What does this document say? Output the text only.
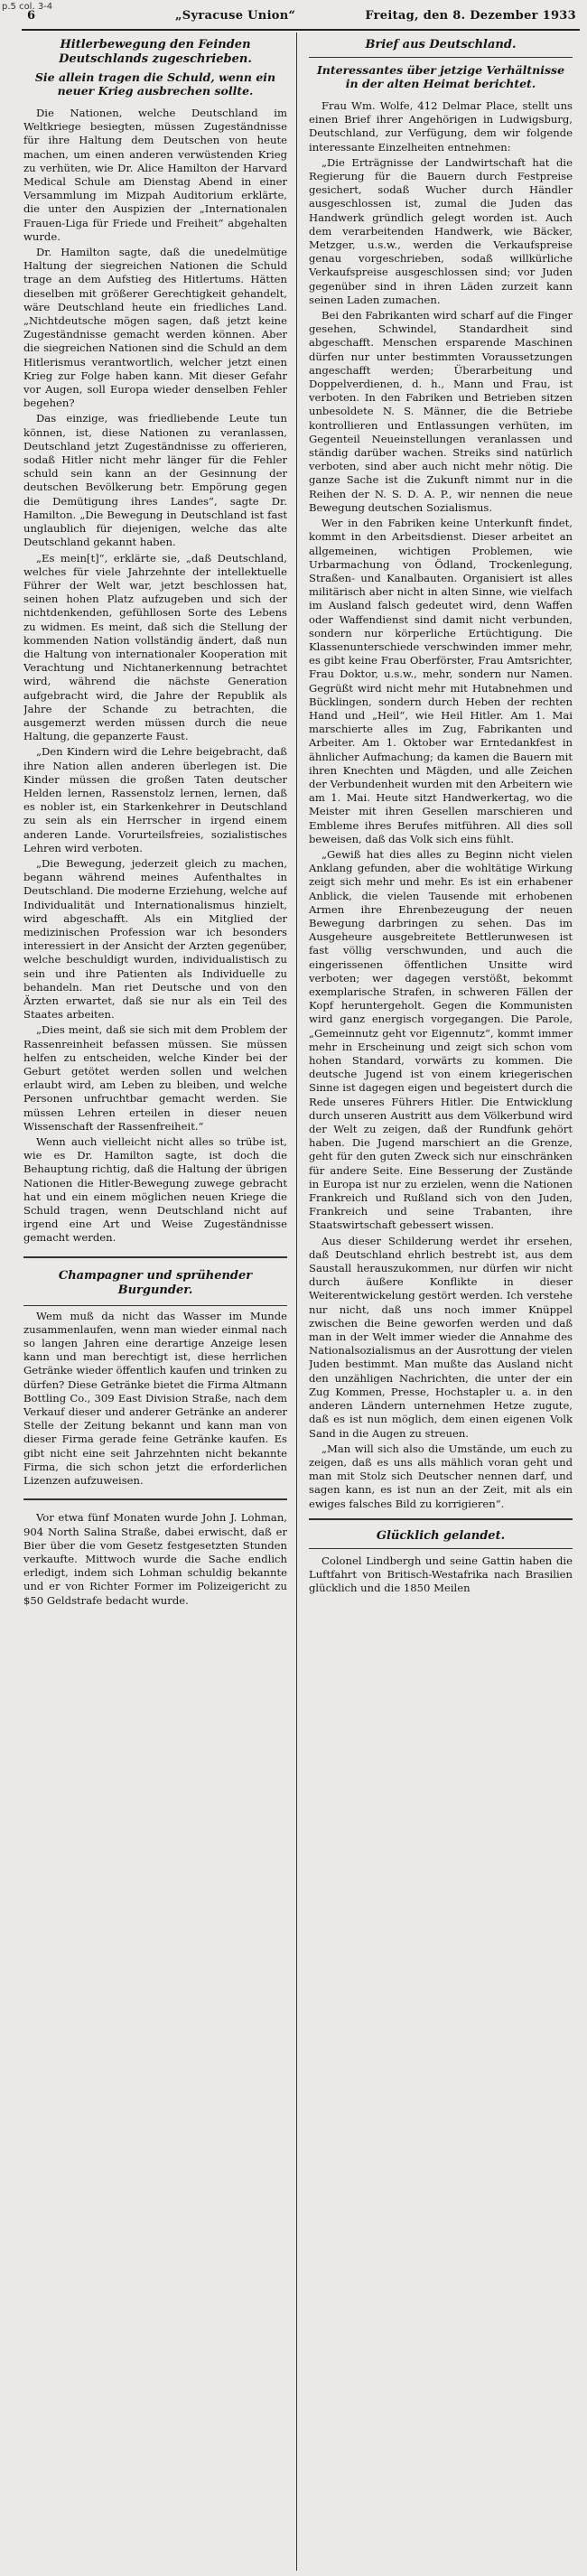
p.5 col. 3-4
6	„Syracuse Union“	Freitag, den 8. Dezember 1933
Hitlerbewegung den Feinden Deutschlands zugeschrieben.
Sie allein tragen die Schuld, wenn ein neuer Krieg ausbrechen sollte.

Die Nationen, welche Deutschland im Weltkriege besiegten, müssen Zugeständnisse für ihre Haltung dem Deutschen von heute machen, um einen anderen verwüstenden Krieg zu verhüten, wie Dr. Alice Hamilton der Harvard Medical Schule am Dienstag Abend in einer Versammlung im Mizpah Auditorium erklärte, die unter den Auspizien der „Internationalen Frauen-Liga für Friede und Freiheit“ abgehalten wurde.

Dr. Hamilton sagte, daß die unedelmütige Haltung der siegreichen Nationen die Schuld trage an dem Aufstieg des Hitlertums. Hätten dieselben mit größerer Gerechtigkeit gehandelt, wäre Deutschland heute ein friedliches Land. „Nichtdeutsche mögen sagen, daß jetzt keine Zugeständnisse gemacht werden können. Aber die siegreichen Nationen sind die Schuld an dem Hitlerismus verantwortlich, welcher jetzt einen Krieg zur Folge haben kann. Mit dieser Gefahr vor Augen, soll Europa wieder denselben Fehler begehen?

Das einzige, was friedliebende Leute tun können, ist, diese Nationen zu veranlassen, Deutschland jetzt Zugeständnisse zu offerieren, sodaß Hitler nicht mehr länger für die Fehler schuld sein kann an der Gesinnung der deutschen Bevölkerung betr. Empörung gegen die Demütigung ihres Landes“, sagte Dr. Hamilton. „Die Bewegung in Deutschland ist fast unglaublich für diejenigen, welche das alte Deutschland gekannt haben.

„Es mein[t]“, erklärte sie, „daß Deutschland, welches für viele Jahrzehnte der intellektuelle Führer der Welt war, jetzt beschlossen hat, seinen hohen Platz aufzugeben und sich der nichtdenkenden, gefühllosen Sorte des Lebens zu widmen. Es meint, daß sich die Stellung der kommenden Nation vollständig ändert, daß nun die Haltung von internationaler Kooperation mit Verachtung und Nichtanerkennung betrachtet wird, während die nächste Generation aufgebracht wird, die Jahre der Republik als Jahre der Schande zu betrachten, die ausgemerzt werden müssen durch die neue Haltung, die gepanzerte Faust.

„Den Kindern wird die Lehre beigebracht, daß ihre Nation allen anderen überlegen ist. Die Kinder müssen die großen Taten deutscher Helden lernen, Rassenstolz lernen, lernen, daß es nobler ist, ein Starkenkehrer in Deutschland zu sein als ein Herrscher in irgend einem anderen Lande. Vorurteilsfreies, sozialistisches Lehren wird verboten.

„Die Bewegung, jederzeit gleich zu machen, begann während meines Aufenthaltes in Deutschland. Die moderne Erziehung, welche auf Individualität und Internationalismus hinzielt, wird abgeschafft. Als ein Mitglied der medizinischen Profession war ich besonders interessiert in der Ansicht der Arzten gegenüber, welche beschuldigt wurden, individualistisch zu sein und ihre Patienten als Individuelle zu behandeln. Man riet Deutsche und von den Ärzten erwartet, daß sie nur als ein Teil des Staates arbeiten.

„Dies meint, daß sie sich mit dem Problem der Rassenreinheit befassen müssen. Sie müssen helfen zu entscheiden, welche Kinder bei der Geburt getötet werden sollen und welchen erlaubt wird, am Leben zu bleiben, und welche Personen unfruchtbar gemacht werden. Sie müssen Lehren erteilen in dieser neuen Wissenschaft der Rassenfreiheit.“

Wenn auch vielleicht nicht alles so trübe ist, wie es Dr. Hamilton sagte, ist doch die Behauptung richtig, daß die Haltung der übrigen Nationen die Hitler-Bewegung zuwege gebracht hat und ein einem möglichen neuen Kriege die Schuld tragen, wenn Deutschland nicht auf irgend eine Art und Weise Zugeständnisse gemacht werden.

Champagner und sprühender Burgunder.

Wem muß da nicht das Wasser im Munde zusammenlaufen, wenn man wieder einmal nach so langen Jahren eine derartige Anzeige lesen kann und man berechtigt ist, diese herrlichen Getränke wieder öffentlich kaufen und trinken zu dürfen? Diese Getränke bietet die Firma Altmann Bottling Co., 309 East Division Straße, nach dem Verkauf dieser und anderer Getränke an anderer Stelle der Zeitung bekannt und kann man von dieser Firma gerade feine Getränke kaufen. Es gibt nicht eine seit Jahrzehnten nicht bekannte Firma, die sich schon jetzt die erforderlichen Lizenzen aufzuweisen.

Vor etwa fünf Monaten wurde John J. Lohman, 904 North Salina Straße, dabei erwischt, daß er Bier über die vom Gesetz festgesetzten Stunden verkaufte. Mittwoch wurde die Sache endlich erledigt, indem sich Lohman schuldig bekannte und er von Richter Former im Polizeigericht zu $50 Geldstrafe bedacht wurde.

Brief aus Deutschland.
Interessantes über jetzige Verhältnisse in der alten Heimat berichtet.

Frau Wm. Wolfe, 412 Delmar Place, stellt uns einen Brief ihrer Angehörigen in Ludwigsburg, Deutschland, zur Verfügung, dem wir folgende interessante Einzelheiten entnehmen:

„Die Erträgnisse der Landwirtschaft hat die Regierung für die Bauern durch Festpreise gesichert, sodaß Wucher durch Händler ausgeschlossen ist, zumal die Juden das Handwerk gründlich gelegt worden ist. Auch dem verarbeitenden Handwerk, wie Bäcker, Metzger, u.s.w., werden die Verkaufspreise genau vorgeschrieben, sodaß willkürliche Verkaufspreise ausgeschlossen sind; vor Juden gegenüber sind in ihren Läden zurzeit kann seinen Laden zumachen.

Bei den Fabrikanten wird scharf auf die Finger gesehen, Schwindel, Standardheit sind abgeschafft. Menschen ersparende Maschinen dürfen nur unter bestimmten Voraussetzungen angeschafft werden; Überarbeitung und Doppelverdienen, d. h., Mann und Frau, ist verboten. In den Fabriken und Betrieben sitzen unbesoldete N. S. Männer, die die Betriebe kontrollieren und Entlassungen verhüten, im Gegenteil Neueinstellungen veranlassen und ständig darüber wachen. Streiks sind natürlich verboten, sind aber auch nicht mehr nötig. Die ganze Sache ist die Zukunft nimmt nur in die Reihen der N. S. D. A. P., wir nennen die neue Bewegung deutschen Sozialismus.

Wer in den Fabriken keine Unterkunft findet, kommt in den Arbeitsdienst. Dieser arbeitet an allgemeinen, wichtigen Problemen, wie Urbarmachung von Ödland, Trockenlegung, Straßen- und Kanalbauten. Organisiert ist alles militärisch aber nicht in alten Sinne, wie vielfach im Ausland falsch gedeutet wird, denn Waffen oder Waffendienst sind damit nicht verbunden, sondern nur körperliche Ertüchtigung. Die Klassenunterschiede verschwinden immer mehr, es gibt keine Frau Oberförster, Frau Amtsrichter, Frau Doktor, u.s.w., mehr, sondern nur Namen. Gegrüßt wird nicht mehr mit Hutabnehmen und Bücklingen, sondern durch Heben der rechten Hand und „Heil“, wie Heil Hitler. Am 1. Mai marschierte alles im Zug, Fabrikanten und Arbeiter. Am 1. Oktober war Erntedankfest in ähnlicher Aufmachung; da kamen die Bauern mit ihren Knechten und Mägden, und alle Zeichen der Verbundenheit wurden mit den Arbeitern wie am 1. Mai. Heute sitzt Handwerkertag, wo die Meister mit ihren Gesellen marschieren und Embleme ihres Berufes mitführen. All dies soll beweisen, daß das Volk sich eins fühlt.

„Gewiß hat dies alles zu Beginn nicht vielen Anklang gefunden, aber die wohltätige Wirkung zeigt sich mehr und mehr. Es ist ein erhabener Anblick, die vielen Tausende mit erhobenen Armen ihre Ehrenbezeugung der neuen Bewegung darbringen zu sehen. Das im Ausgeheure ausgebreitete Bettlerunwesen ist fast völlig verschwunden, und auch die eingerissenen öffentlichen Unsitte wird verboten; wer dagegen verstößt, bekommt exemplarische Strafen, in schweren Fällen der Kopf heruntergeholt. Gegen die Kommunisten wird ganz energisch vorgegangen. Die Parole, „Gemeinnutz geht vor Eigennutz“, kommt immer mehr in Erscheinung und zeigt sich schon vom hohen Standard, vorwärts zu kommen. Die deutsche Jugend ist von einem kriegerischen Sinne ist dagegen eigen und begeistert durch die Rede unseres Führers Hitler. Die Entwicklung durch unseren Austritt aus dem Völkerbund wird der Welt zu zeigen, daß der Rundfunk gehört haben. Die Jugend marschiert an die Grenze, geht für den guten Zweck sich nur einschränken für andere Seite. Eine Besserung der Zustände in Europa ist nur zu erzielen, wenn die Nationen Frankreich und Rußland sich von den Juden, Frankreich und seine Trabanten, ihre Staatswirtschaft gebessert wissen.

Aus dieser Schilderung werdet ihr ersehen, daß Deutschland ehrlich bestrebt ist, aus dem Saustall herauszukommen, nur dürfen wir nicht durch äußere Konflikte in dieser Weiterentwickelung gestört werden. Ich verstehe nur nicht, daß uns noch immer Knüppel zwischen die Beine geworfen werden und daß man in der Welt immer wieder die Annahme des Nationalsozialismus an der Ausrottung der vielen Juden bestimmt. Man mußte das Ausland nicht den unzähligen Nachrichten, die unter der ein Zug Kommen, Presse, Hochstapler u. a. in den anderen Ländern unternehmen Hetze zugute, daß es ist nun möglich, dem einen eigenen Volk Sand in die Augen zu streuen.

„Man will sich also die Umstände, um euch zu zeigen, daß es uns alls mählich voran geht und man mit Stolz sich Deutscher nennen darf, und sagen kann, es ist nun an der Zeit, mit als ein ewiges falsches Bild zu korrigieren“.

Glücklich gelandet.

Colonel Lindbergh und seine Gattin haben die Luftfahrt von Britisch-Westafrika nach Brasilien glücklich und die 1850 Meilen
